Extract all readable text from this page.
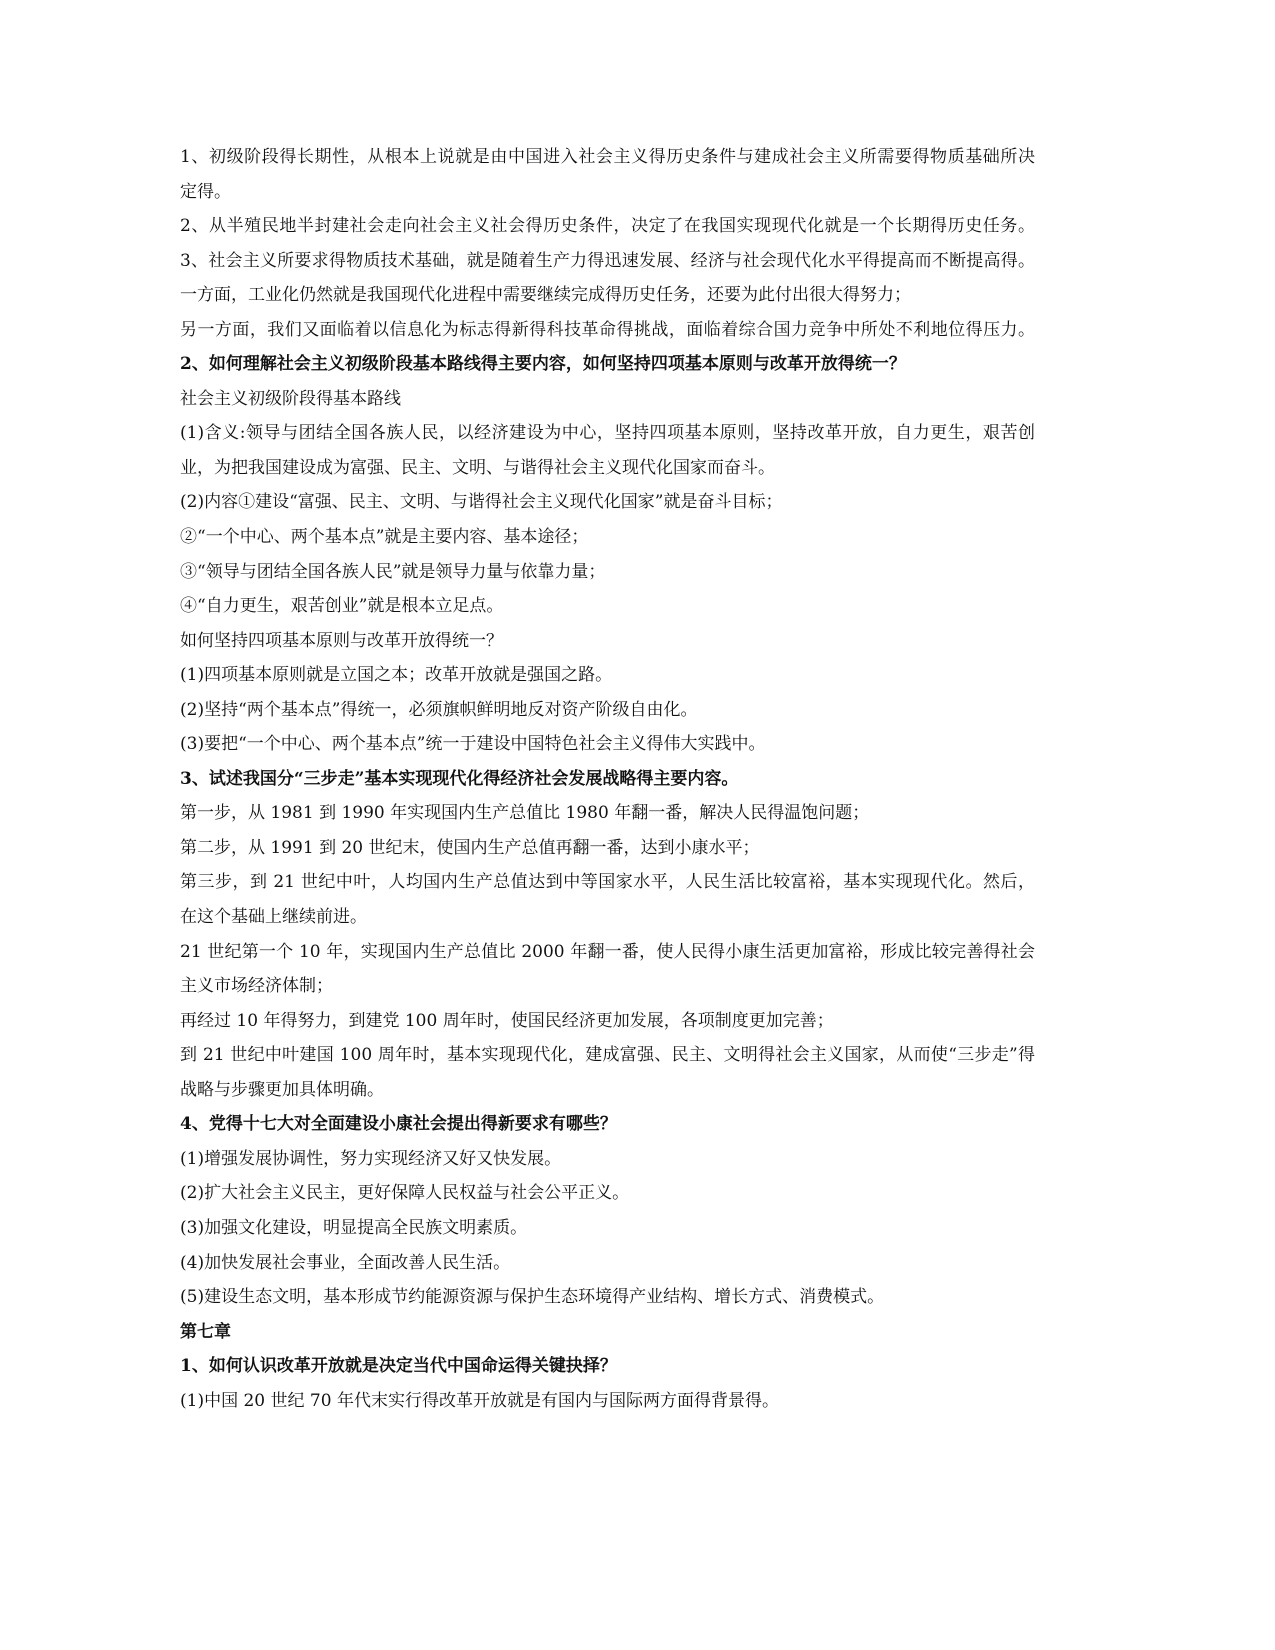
1、初级阶段得长期性，从根本上说就是由中国进入社会主义得历史条件与建成社会主义所需要得物质基础所决
定得。
2、从半殖民地半封建社会走向社会主义社会得历史条件，决定了在我国实现现代化就是一个长期得历史任务。
3、社会主义所要求得物质技术基础，就是随着生产力得迅速发展、经济与社会现代化水平得提高而不断提高得。
一方面，工业化仍然就是我国现代化进程中需要继续完成得历史任务，还要为此付出很大得努力；
另一方面，我们又面临着以信息化为标志得新得科技革命得挑战，面临着综合国力竞争中所处不利地位得压力。
2、如何理解社会主义初级阶段基本路线得主要内容，如何坚持四项基本原则与改革开放得统一？
社会主义初级阶段得基本路线
(1)含义:领导与团结全国各族人民，以经济建设为中心，坚持四项基本原则，坚持改革开放，自力更生，艰苦创
业，为把我国建设成为富强、民主、文明、与谐得社会主义现代化国家而奋斗。
(2)内容①建设“富强、民主、文明、与谐得社会主义现代化国家”就是奋斗目标；
②“一个中心、两个基本点”就是主要内容、基本途径；
③“领导与团结全国各族人民”就是领导力量与依靠力量；
④“自力更生，艰苦创业”就是根本立足点。
如何坚持四项基本原则与改革开放得统一？
(1)四项基本原则就是立国之本；改革开放就是强国之路。
(2)坚持“两个基本点”得统一，必须旗帜鲜明地反对资产阶级自由化。
(3)要把“一个中心、两个基本点”统一于建设中国特色社会主义得伟大实践中。
3、试述我国分“三步走”基本实现现代化得经济社会发展战略得主要内容。
第一步，从 1981 到 1990 年实现国内生产总值比 1980 年翻一番，解决人民得温饱问题；
第二步，从 1991 到 20 世纪末，使国内生产总值再翻一番，达到小康水平；
第三步，到 21 世纪中叶，人均国内生产总值达到中等国家水平，人民生活比较富裕，基本实现现代化。然后，
在这个基础上继续前进。
21 世纪第一个 10 年，实现国内生产总值比 2000 年翻一番，使人民得小康生活更加富裕，形成比较完善得社会
主义市场经济体制；
再经过 10 年得努力，到建党 100 周年时，使国民经济更加发展，各项制度更加完善；
到 21 世纪中叶建国 100 周年时，基本实现现代化，建成富强、民主、文明得社会主义国家，从而使“三步走”得
战略与步骤更加具体明确。
4、党得十七大对全面建设小康社会提出得新要求有哪些？
(1)增强发展协调性，努力实现经济又好又快发展。
(2)扩大社会主义民主，更好保障人民权益与社会公平正义。
(3)加强文化建设，明显提高全民族文明素质。
(4)加快发展社会事业，全面改善人民生活。
(5)建设生态文明，基本形成节约能源资源与保护生态环境得产业结构、增长方式、消费模式。
第七章
1、如何认识改革开放就是决定当代中国命运得关键抉择？
(1)中国 20 世纪 70 年代末实行得改革开放就是有国内与国际两方面得背景得。
